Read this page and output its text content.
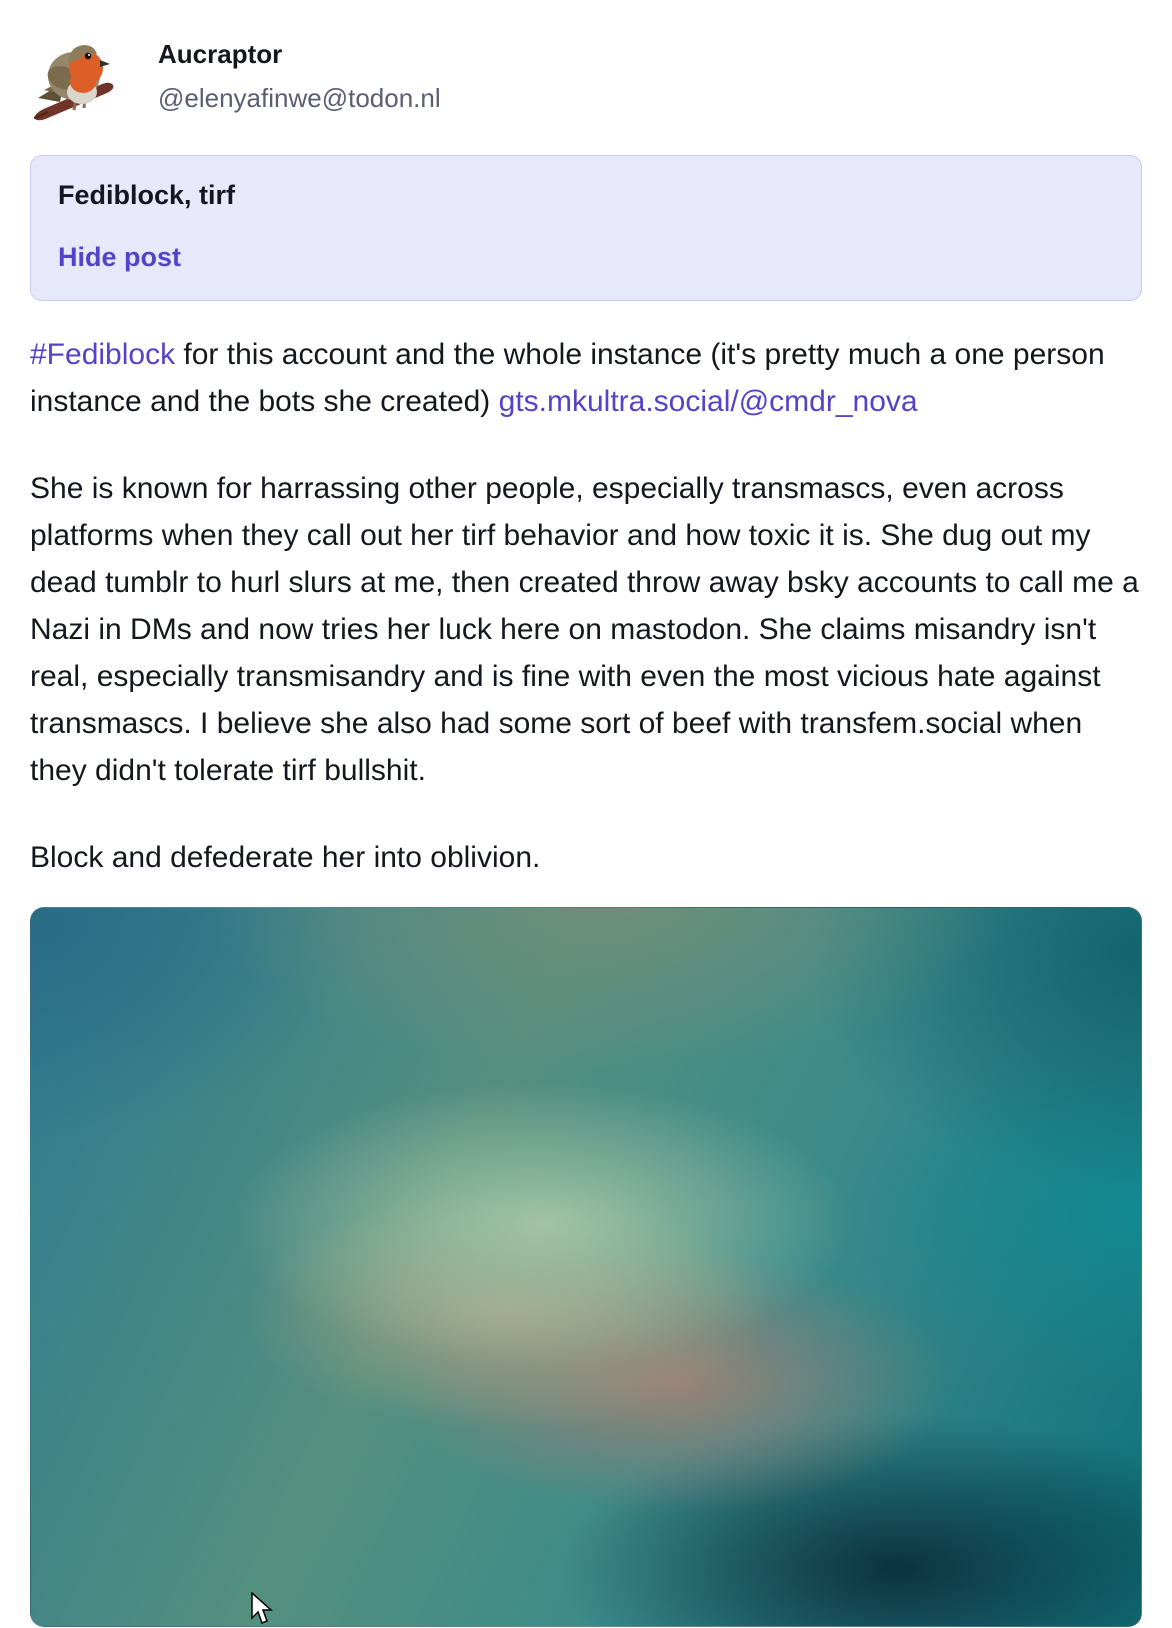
Aucraptor
@elenyafinwe@todon.nl
Fediblock, tirf
Hide post

#Fediblock for this account and the whole instance (it's pretty much a one person instance and the bots she created) gts.mkultra.social/@cmdr_nova

She is known for harrassing other people, especially transmascs, even across platforms when they call out her tirf behavior and how toxic it is. She dug out my dead tumblr to hurl slurs at me, then created throw away bsky accounts to call me a Nazi in DMs and now tries her luck here on mastodon. She claims misandry isn't real, especially transmisandry and is fine with even the most vicious hate against transmascs. I believe she also had some sort of beef with transfem.social when they didn't tolerate tirf bullshit.

Block and defederate her into oblivion.
